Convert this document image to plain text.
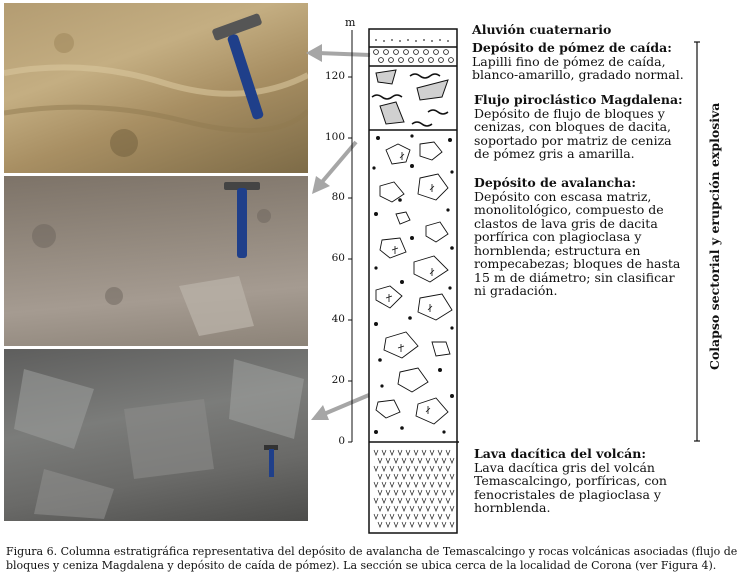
m
0
20
40
60
80
100
120
Aluvión cuaternario
Depósito de pómez de caída:
Lapilli fino de pómez de caída, blanco-amarillo, gradado normal.
Flujo piroclástico Magdalena:
Depósito de flujo de bloques y cenizas, con bloques de dacita, soportado por matriz de ceniza de pómez gris a amarilla.
Depósito de avalancha:
Depósito con escasa matriz, monolitológico, compuesto de clastos de lava gris de dacita porfírica con plagioclasa y hornblenda; estructura en rompecabezas; bloques de hasta 15 m de diámetro; sin clasificar ni gradación.
Lava dacítica del volcán:
Lava dacítica gris del volcán Temascalcingo, porfíricas, con fenocristales de plagioclasa y hornblenda.
Colapso sectorial y erupción explosiva
Figura 6. Columna estratigráfica representativa del depósito de avalancha de Temascalcingo y rocas volcánicas asociadas (flujo de bloques y ceniza Magdalena y depósito de caída de pómez). La sección se ubica cerca de la localidad de Corona (ver Figura 4).
